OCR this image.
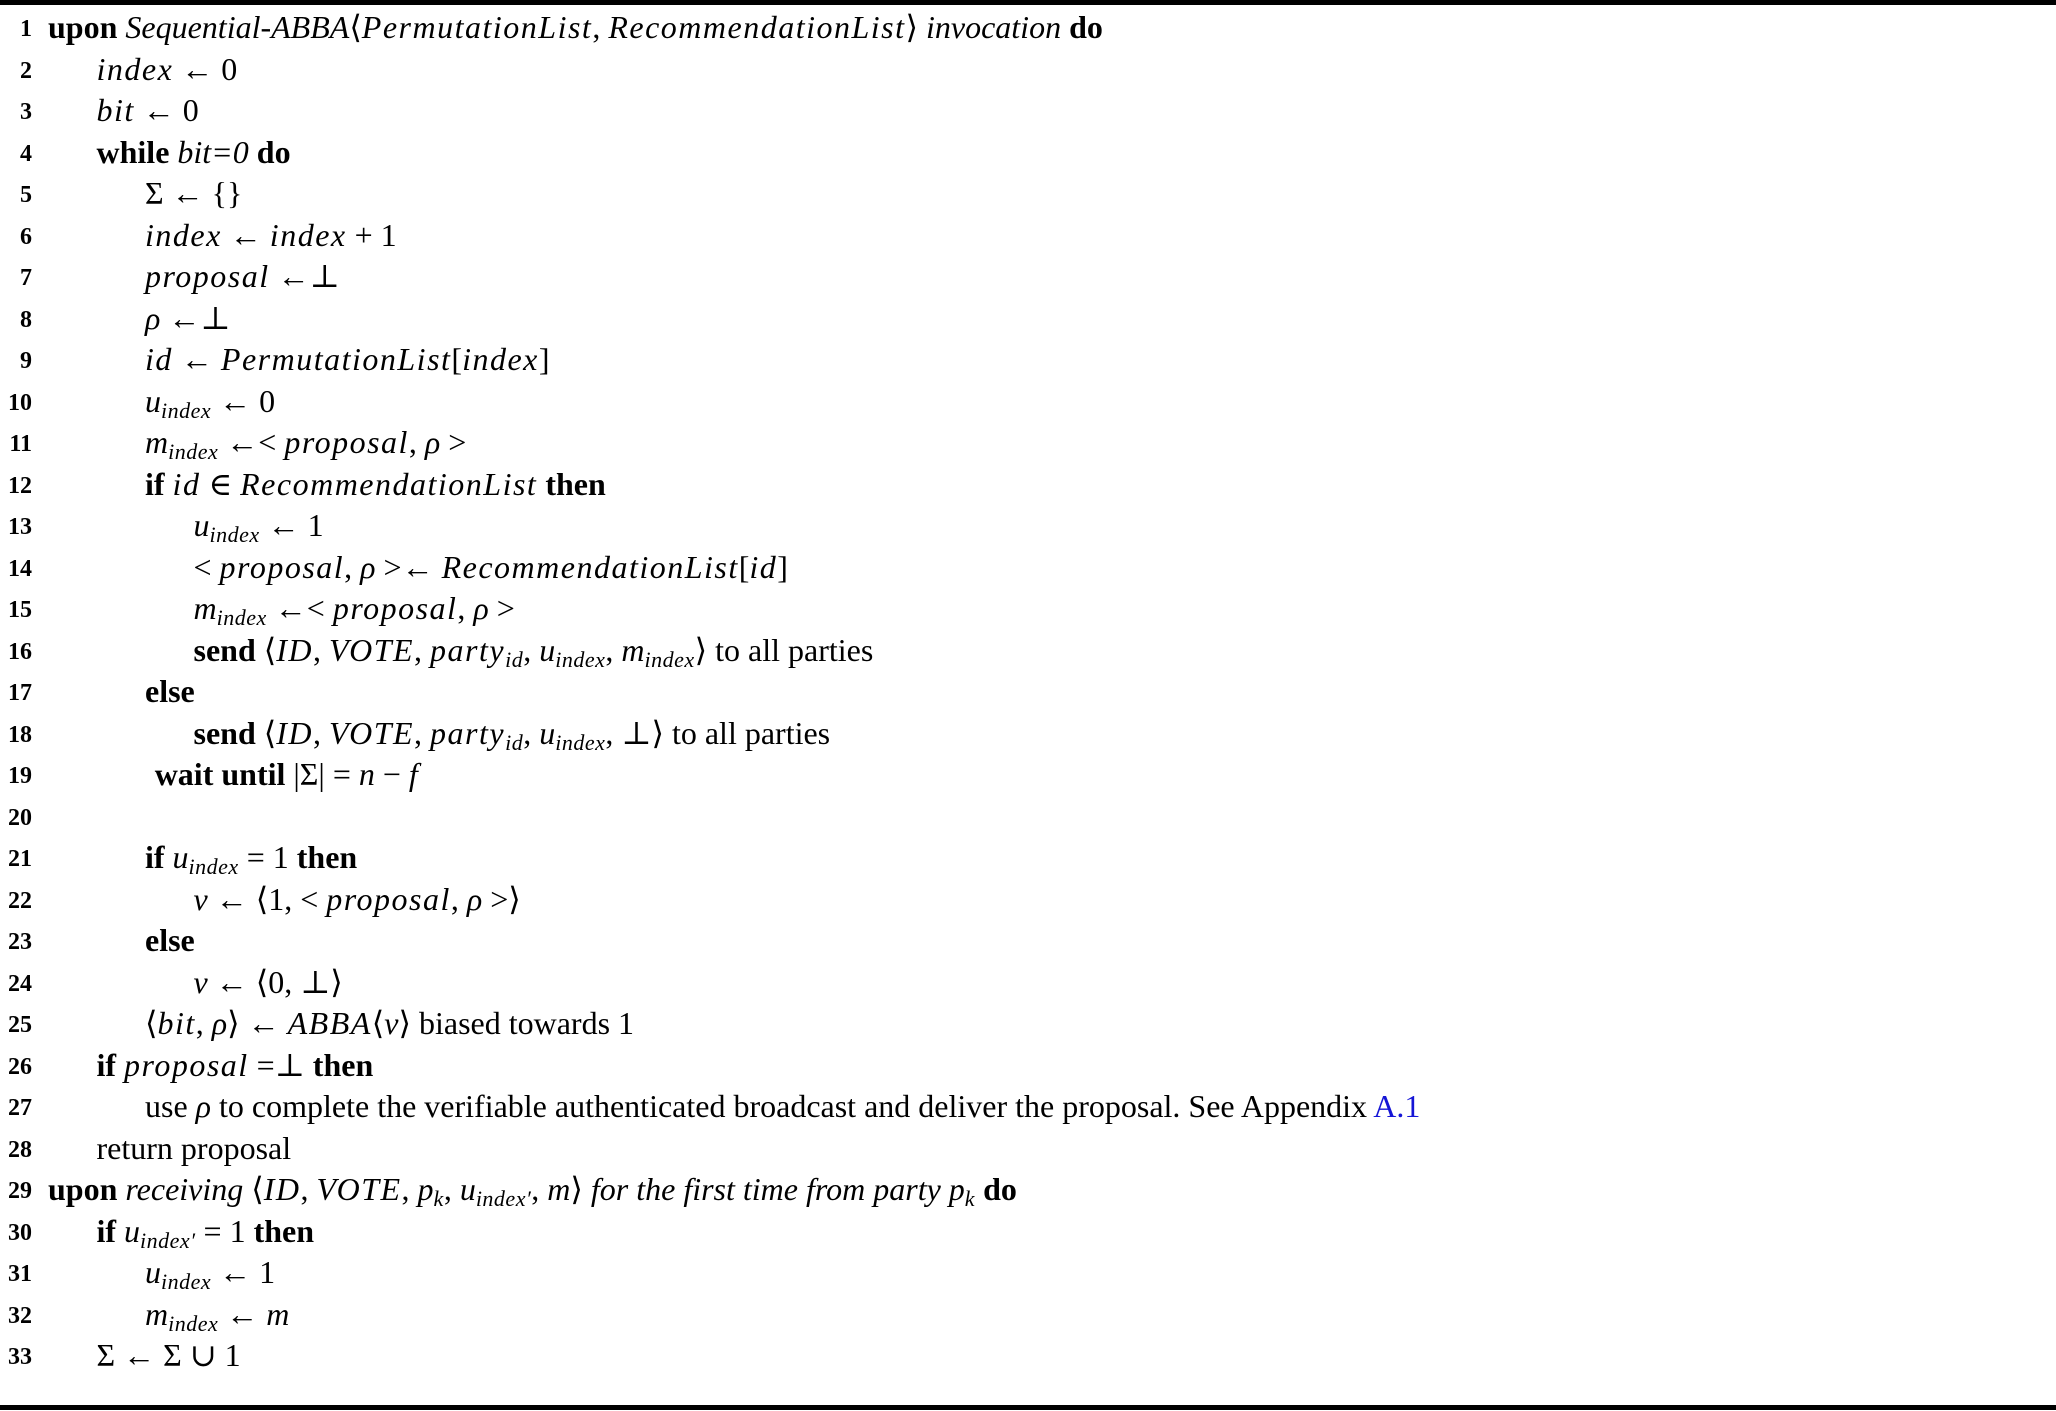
1 upon Sequential-ABBA⟨PermutationList, RecommendationList⟩ invocation do
2 index ← 0
3 bit ← 0
4 while bit=0 do
5	Σ ← {}
6	index ← index + 1
7	proposal ←⊥
8	ρ ←⊥
9	id ← PermutationList[index]
10	$u_{index}$ ← 0
11	$m_{index}$ ←< proposal, ρ >
12	if id ∈ RecommendationList then
13	$u_{index}$ ← 1
14	< proposal, ρ >← RecommendationList[id]
15	$m_{index}$ ←< proposal, ρ >
16	send ⟨ID, VOTE, party$_{id}$, $u_{index}$, $m_{index}⟩$ to all parties
17	else
18	send ⟨ID, VOTE, party$_{id}$, $u_{index}$, ⊥⟩ to all parties
19	wait until |Σ| = n − f
20
21	if $u_{index} = 1$ then
22	v ← ⟨1, < proposal, ρ >⟩
23	else
24	v ← ⟨0, ⊥⟩
25	⟨bit, ρ⟩ ← ABBA⟨v⟩ biased towards 1
26 if proposal =⊥ then
27	use ρ to complete the verifiable authenticated broadcast and deliver the proposal. See Appendix A.1
28 return proposal
29 upon receiving ⟨ID, VOTE, $p_k$, $u_{index'}$, m⟩ for the first time from party $p_k$ do
30 if $u_{index'} = 1$ then
31	$u_{index}$ ← 1
32	$m_{index}$ ← m
33 Σ ← Σ ∪ 1
